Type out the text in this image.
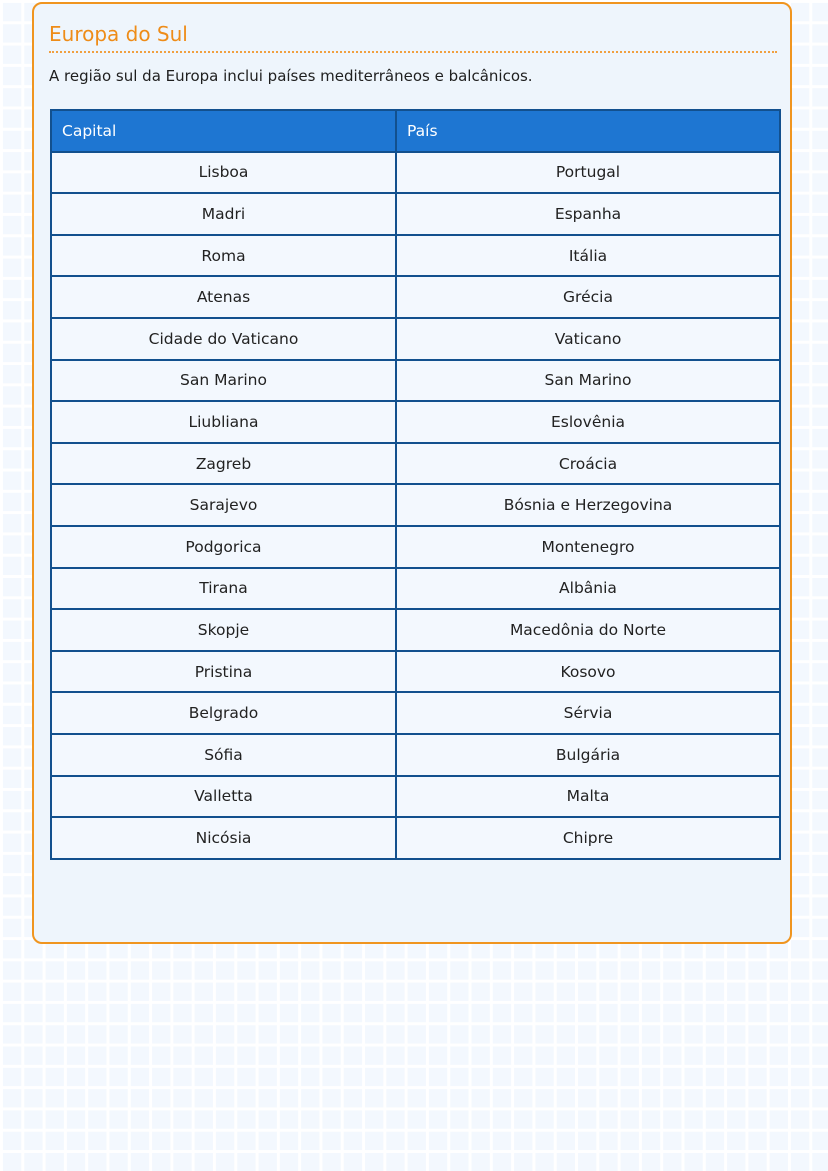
Europa do Sul

A região sul da Europa inclui países mediterrâneos e balcânicos.

Capital	País
Lisboa	Portugal
Madri	Espanha
Roma	Itália
Atenas	Grécia
Cidade do Vaticano	Vaticano
San Marino	San Marino
Liubliana	Eslovênia
Zagreb	Croácia
Sarajevo	Bósnia e Herzegovina
Podgorica	Montenegro
Tirana	Albânia
Skopje	Macedônia do Norte
Pristina	Kosovo
Belgrado	Sérvia
Sófia	Bulgária
Valletta	Malta
Nicósia	Chipre
